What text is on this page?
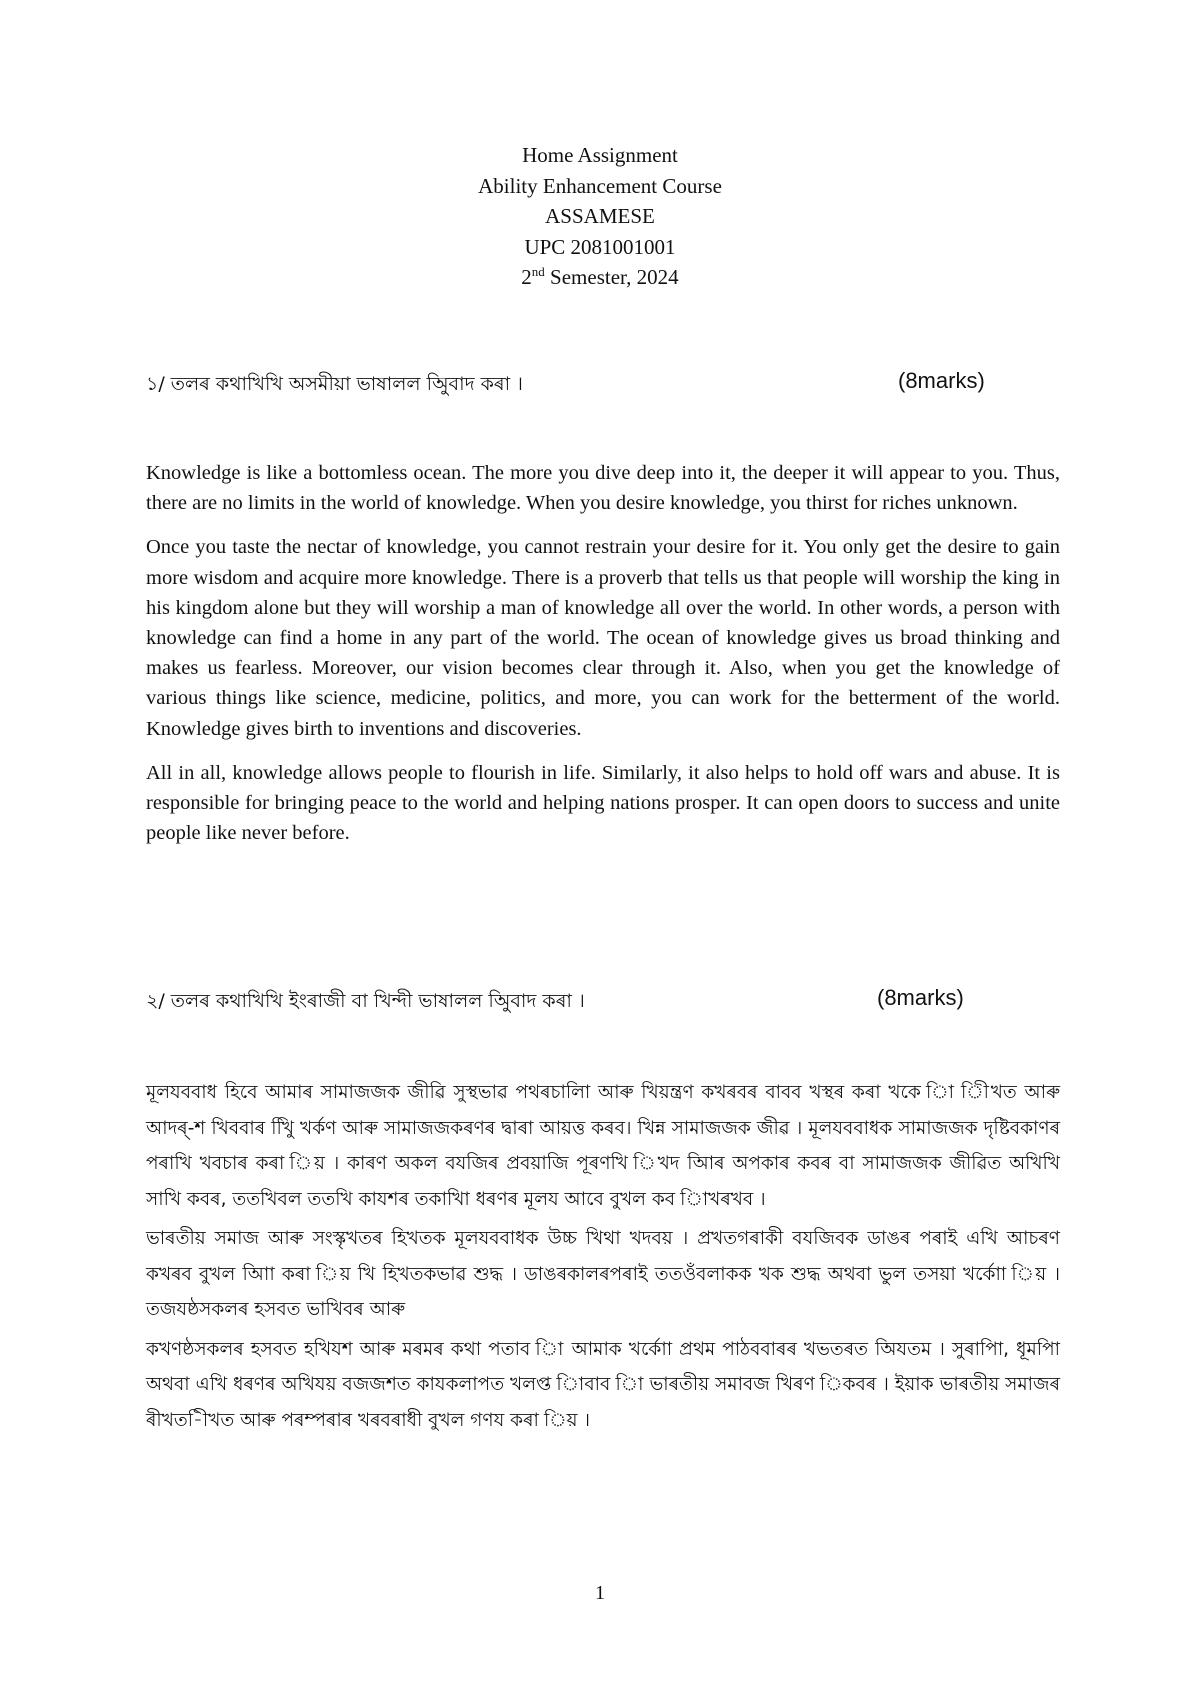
Home Assignment
Ability Enhancement Course
ASSAMESE
UPC 2081001001
2nd Semester, 2024
১/ তলৰ কথাখিখি অসমীয়া ভাষালল অিুবাদ কৰা ।	(8marks)

Knowledge is like a bottomless ocean. The more you dive deep into it, the deeper it will appear to you. Thus, there are no limits in the world of knowledge. When you desire knowledge, you thirst for riches unknown.

Once you taste the nectar of knowledge, you cannot restrain your desire for it. You only get the desire to gain more wisdom and acquire more knowledge. There is a proverb that tells us that people will worship the king in his kingdom alone but they will worship a man of knowledge all over the world. In other words, a person with knowledge can find a home in any part of the world. The ocean of knowledge gives us broad thinking and makes us fearless. Moreover, our vision becomes clear through it. Also, when you get the knowledge of various things like science, medicine, politics, and more, you can work for the betterment of the world. Knowledge gives birth to inventions and discoveries.

All in all, knowledge allows people to flourish in life. Similarly, it also helps to hold off wars and abuse. It is responsible for bringing peace to the world and helping nations prosper. It can open doors to success and unite people like never before.

২/ তলৰ কথাখিখি ইংৰাজী বা খিন্দী ভাষালল অিুবাদ কৰা ।	(8marks)

মূলযববাধ হিবে আমাৰ সামাজজক জীৱি সুস্থভাৱ পথৰচালিা আৰু খিয়ন্ত্ৰণ কখৰবৰ বাবব খস্থৰ কৰা খকে িা িীখত আৰু আদৰ্-শ খিববাৰ খুিি খৰ্কণ আৰু সামাজজকৰণৰ দ্বাৰা আয়ত্ত কৰব। খিন্ন সামাজজক জীৱ । মূলযববাধক সামাজজক দৃষ্টিবকাণৰ পৰাখি খবচাৰ কৰা িয় । কাৰণ অকল বযজিৰ প্ৰবয়াজি পূৰণখি িখদ আিৰ অপকাৰ কবৰ বা সামাজজক জীৱিত অখিখি সাখি কবৰ, ততখিবল ততখি কাযশৰ তকাখিা ধৰণৰ মূলয আবে বুখল কব িাখৰখব ।

ভাৰতীয় সমাজ আৰু সংস্কৃখতৰ হিখতক মূলযববাধক উচ্চ খিথা খদবয় । প্ৰখতগৰাকী বযজিবক ডাঙৰ পৰাই এখি আচৰণ কখৰব বুখল আিা কৰা িয় খি হিখতকভাৱ শুদ্ধ । ডাঙৰকালৰপৰাই ততওঁবলাকক খক শুদ্ধ অথবা ভুল তসয়া খৰ্কাো িয় । তজযষ্ঠসকলৰ হসবত ভাখিবৰ আৰু

কখণষ্ঠসকলৰ হসবত হখিযশ আৰু মৰমৰ কথা পতাব িা আমাক খৰ্কাো প্ৰথম পাঠববাৰৰ খভতৰত অিযতম । সুৰাপাি, ধূমপাি অথবা এখি ধৰণৰ অখিযয় বজজশত কাযকলাপত খলপ্ত িাবাব িা ভাৰতীয় সমাবজ খিৰণ িকবৰ । ইয়াক ভাৰতীয় সমাজৰ ৰীখত-িীখত আৰু পৰম্পৰাৰ খৰবৰাধী বুখল গণয কৰা িয় ।

1
